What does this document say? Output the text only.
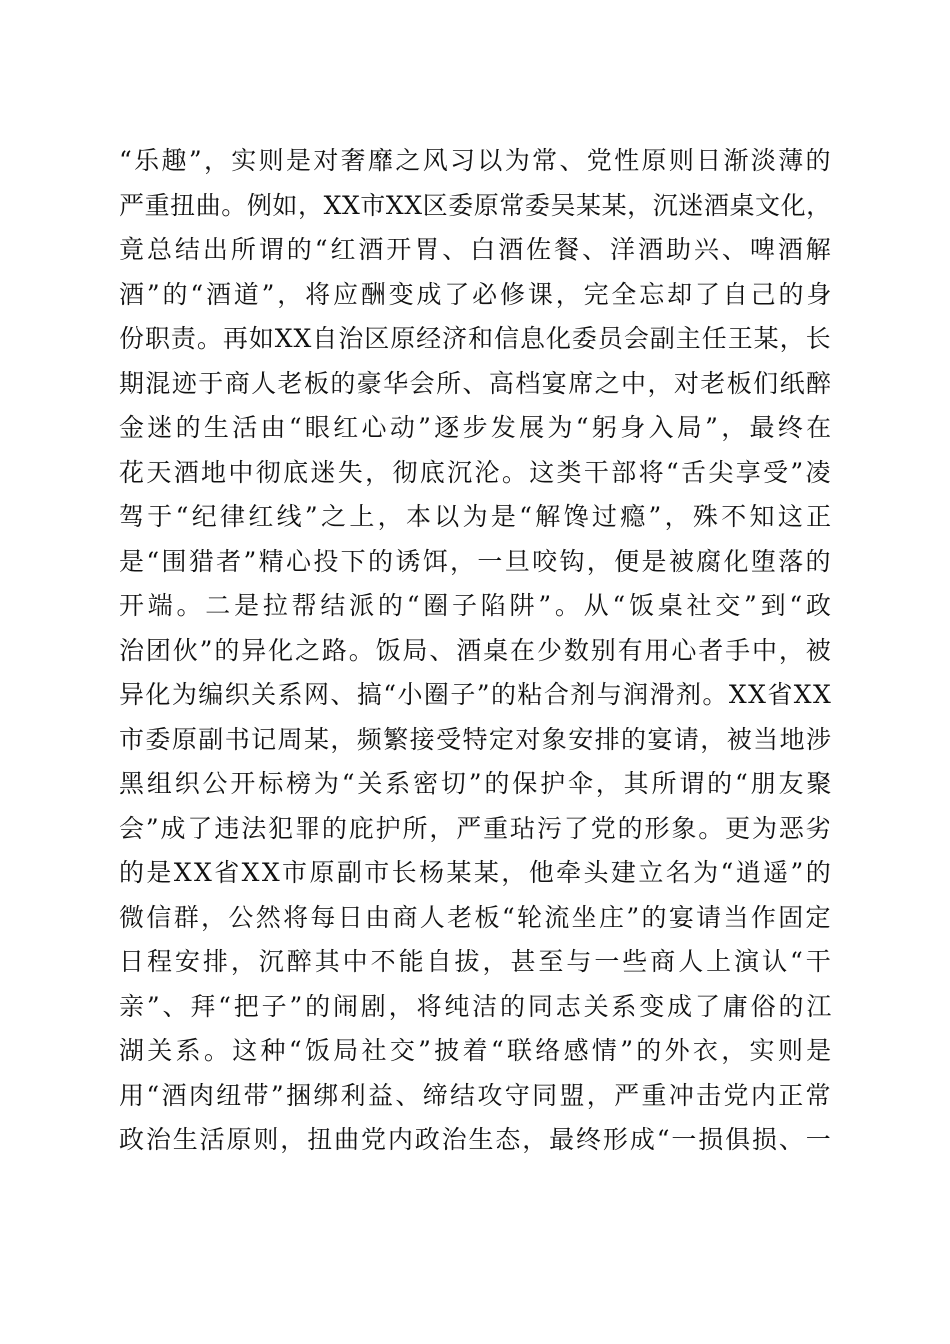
“乐趣”，实则是对奢靡之风习以为常、党性原则日渐淡薄的
严重扭曲。例如，XX市XX区委原常委吴某某，沉迷酒桌文化，
竟总结出所谓的“红酒开胃、白酒佐餐、洋酒助兴、啤酒解
酒”的“酒道”，将应酬变成了必修课，完全忘却了自己的身
份职责。再如XX自治区原经济和信息化委员会副主任王某，长
期混迹于商人老板的豪华会所、高档宴席之中，对老板们纸醉
金迷的生活由“眼红心动”逐步发展为“躬身入局”，最终在
花天酒地中彻底迷失，彻底沉沦。这类干部将“舌尖享受”凌
驾于“纪律红线”之上，本以为是“解馋过瘾”，殊不知这正
是“围猎者”精心投下的诱饵，一旦咬钩，便是被腐化堕落的
开端。二是拉帮结派的“圈子陷阱”。从“饭桌社交”到“政
治团伙”的异化之路。饭局、酒桌在少数别有用心者手中，被
异化为编织关系网、搞“小圈子”的粘合剂与润滑剂。XX省XX
市委原副书记周某，频繁接受特定对象安排的宴请，被当地涉
黑组织公开标榜为“关系密切”的保护伞，其所谓的“朋友聚
会”成了违法犯罪的庇护所，严重玷污了党的形象。更为恶劣
的是XX省XX市原副市长杨某某，他牵头建立名为“逍遥”的
微信群，公然将每日由商人老板“轮流坐庄”的宴请当作固定
日程安排，沉醉其中不能自拔，甚至与一些商人上演认“干
亲”、拜“把子”的闹剧，将纯洁的同志关系变成了庸俗的江
湖关系。这种“饭局社交”披着“联络感情”的外衣，实则是
用“酒肉纽带”捆绑利益、缔结攻守同盟，严重冲击党内正常
政治生活原则，扭曲党内政治生态，最终形成“一损俱损、一
